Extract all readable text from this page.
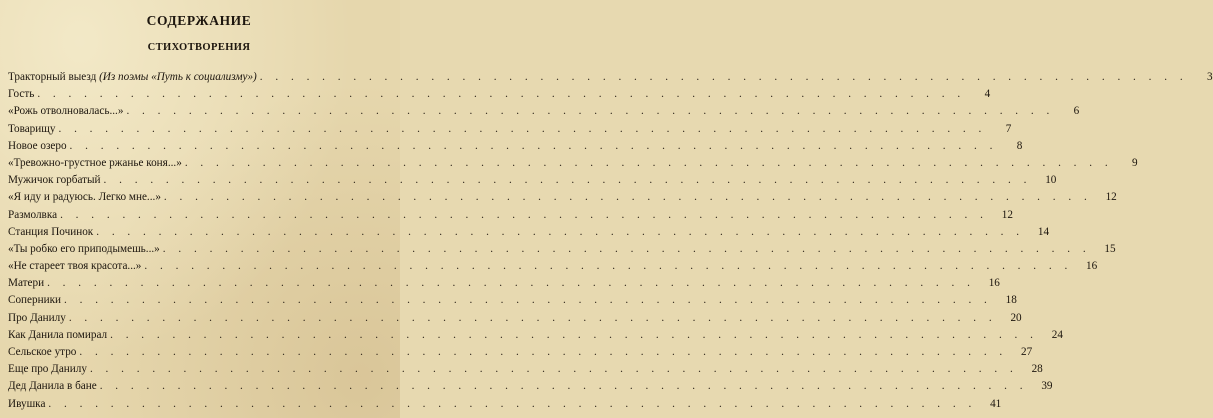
СОДЕРЖАНИЕ
СТИХОТВОРЕНИЯ
Тракторный выезд (Из поэмы «Путь к социализму») . . .	3
Гость . . .	4
«Рожь отволновалась...» . . .	6
Товарищу . . .	7
Новое озеро . . .	8
«Тревожно-грустное ржанье коня...» . . .	9
Мужичок горбатый . . .	10
«Я иду и радуюсь. Легко мне...» . . .	12
Размолвка . . .	12
Станция Починок . . .	14
«Ты робко его приподымешь...» . . .	15
«Не стареет твоя красота...» . . .	16
Матери . . .	16
Соперники . . .	18
Про Данилу . . .	20
Как Данила помирал . . .	24
Сельское утро . . .	27
Еще про Данилу . . .	28
Дед Данила в бане . . .	39
Ивушка . . .	41
